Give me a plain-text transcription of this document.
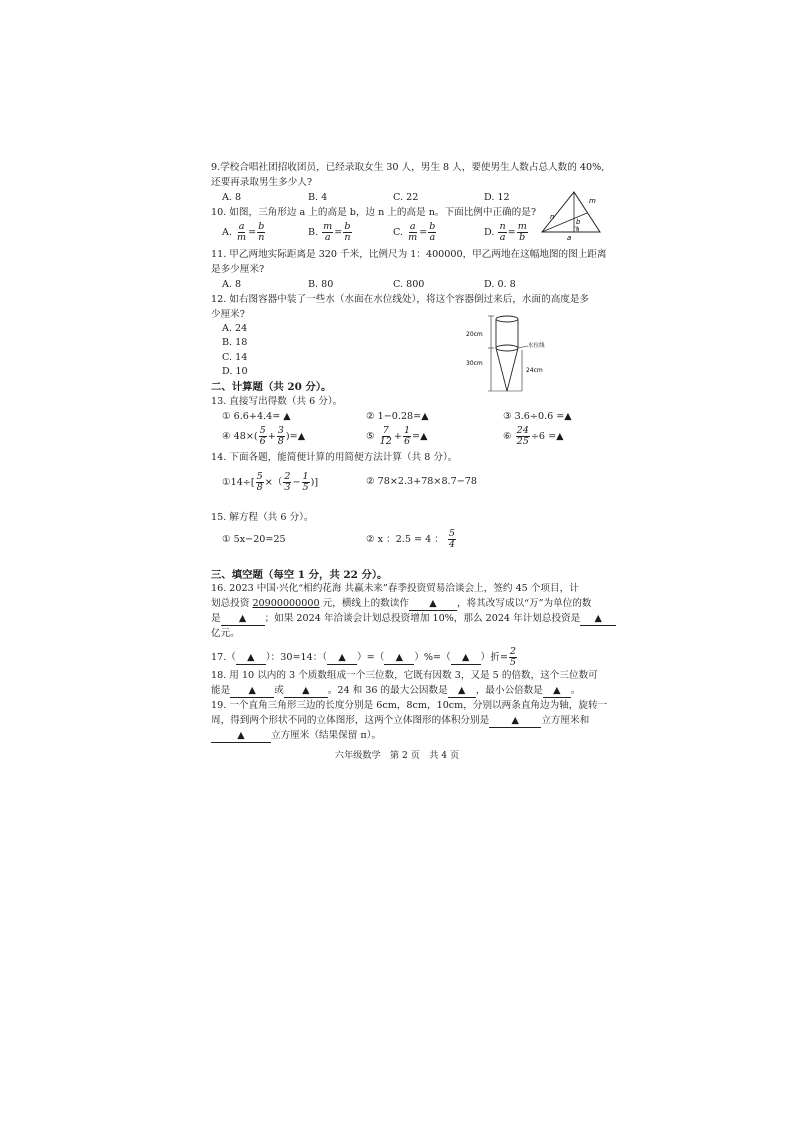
9.学校合唱社团招收团员，已经录取女生 30 人，男生 8 人，要使男生人数占总人数的 40%,
还要再录取男生多少人?
A. 8	B. 4	C. 22	D. 12
10. 如图，三角形边 a 上的高是 b，边 n 上的高是 n。下面比例中正确的是?
A. $\frac{a}{m} = \frac{b}{n}$	B. $\frac{m}{a} = \frac{b}{n}$	C. $\frac{a}{m} = \frac{b}{a}$	D. $\frac{n}{a} = \frac{m}{b}$
m
n
b
h
a
11. 甲乙两地实际距离是 320 千米，比例尺为 1：400000，甲乙两地在这幅地图的图上距离
是多少厘米?
A. 8	B. 80	C. 800	D. 0. 8
12. 如右图容器中装了一些水（水面在水位线处），将这个容器倒过来后，水面的高度是多
少厘米?
A. 24
B. 18
C. 14
D. 10
20cm
30cm
24cm
水位线
二、计算题（共 20 分）。
13. 直接写出得数（共 6 分）。
① 6.6+4.4= ▲	② 1−0.28=▲	③ 3.6÷0.6 =▲
④ $48\times( \frac{5}{6} + \frac{3}{8}$ )=▲	⑤ $\frac{7}{12} + \frac{1}{6}$ =▲	⑥ $\frac{24}{25} \div 6$ =▲
14. 下面各题，能简便计算的用简便方法计算（共 8 分）。
①14÷[ $\frac{5}{8}$ ×（ $\frac{2}{3} - \frac{1}{5}$ )]	② 78×2.3+78×8.7−78
15. 解方程（共 6 分）。
① 5x−20=25	② x ：2.5 = 4 ： $\frac{5}{4}$
三、填空题（每空 1 分，共 22 分）。
16. 2023 中国·兴化“相约花海 共赢未来”春季投资贸易洽谈会上，签约 45 个项目，计
划总投资 20900000000 元，横线上的数读作 ▲ ，将其改写成以“万”为单位的数
是 ▲ ；如果 2024 年洽谈会计划总投资增加 10%，那么 2024 年计划总投资是 ▲
亿元。
17.（ ▲ ）：30=14：（ ▲ ）=（ ▲ ）%=（ ▲ ）折= $\frac{2}{5}$
18. 用 10 以内的 3 个质数组成一个三位数，它既有因数 3，又是 5 的倍数，这个三位数可
能是 ▲ 或 ▲ 。24 和 36 的最大公因数是 ▲ ，最小公倍数是 ▲ 。
19. 一个直角三角形三边的长度分别是 6cm，8cm，10cm，分别以两条直角边为轴，旋转一
周，得到两个形状不同的立体图形，这两个立体图形的体积分别是 ▲ 立方厘米和
▲	立方厘米（结果保留 π）。
六年级数学　第 2 页　共 4 页
